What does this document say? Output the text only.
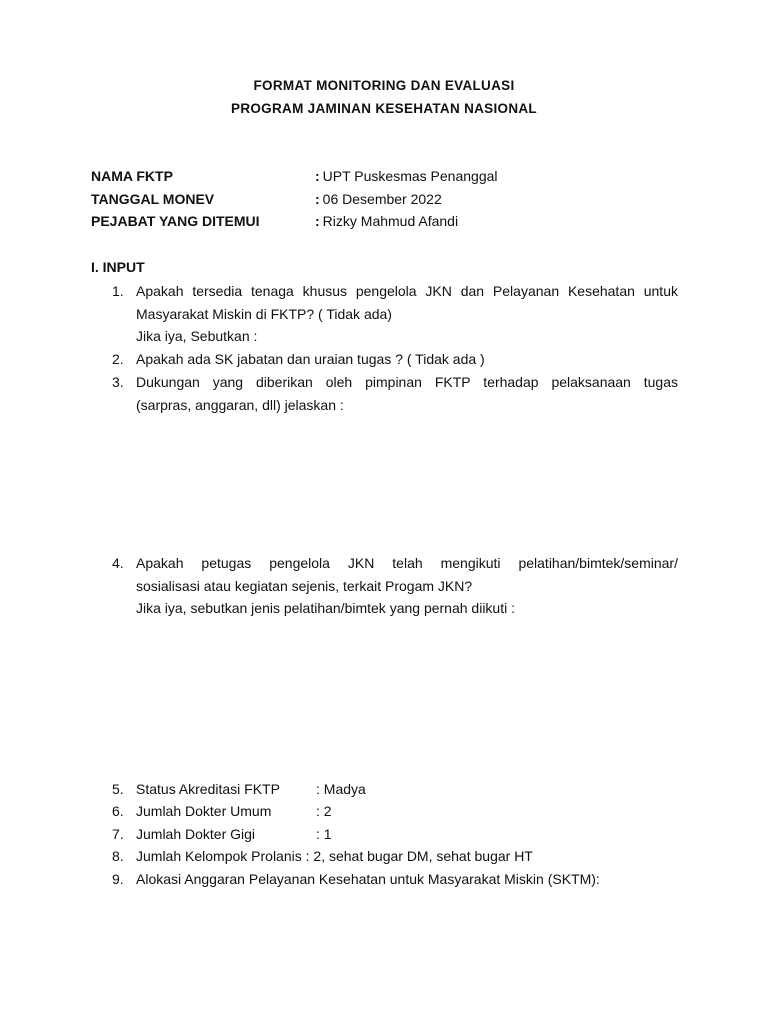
FORMAT MONITORING DAN EVALUASI
PROGRAM JAMINAN KESEHATAN NASIONAL
NAMA FKTP	: UPT Puskesmas Penanggal
TANGGAL MONEV	: 06 Desember 2022
PEJABAT YANG DITEMUI	: Rizky Mahmud Afandi
I. INPUT
1. Apakah tersedia tenaga khusus pengelola JKN dan Pelayanan Kesehatan untuk
Masyarakat Miskin di FKTP? ( Tidak ada)
Jika iya, Sebutkan :
2. Apakah ada SK jabatan dan uraian tugas ? ( Tidak ada )
3. Dukungan yang diberikan oleh pimpinan FKTP terhadap pelaksanaan tugas
(sarpras, anggaran, dll) jelaskan :
4. Apakah petugas pengelola JKN telah mengikuti pelatihan/bimtek/seminar/
sosialisasi atau kegiatan sejenis, terkait Progam JKN?
Jika iya, sebutkan jenis pelatihan/bimtek yang pernah diikuti :
5. Status Akreditasi FKTP	: Madya
6. Jumlah Dokter Umum	: 2
7. Jumlah Dokter Gigi	: 1
8. Jumlah Kelompok Prolanis : 2, sehat bugar DM, sehat bugar HT
9. Alokasi Anggaran Pelayanan Kesehatan untuk Masyarakat Miskin (SKTM):
